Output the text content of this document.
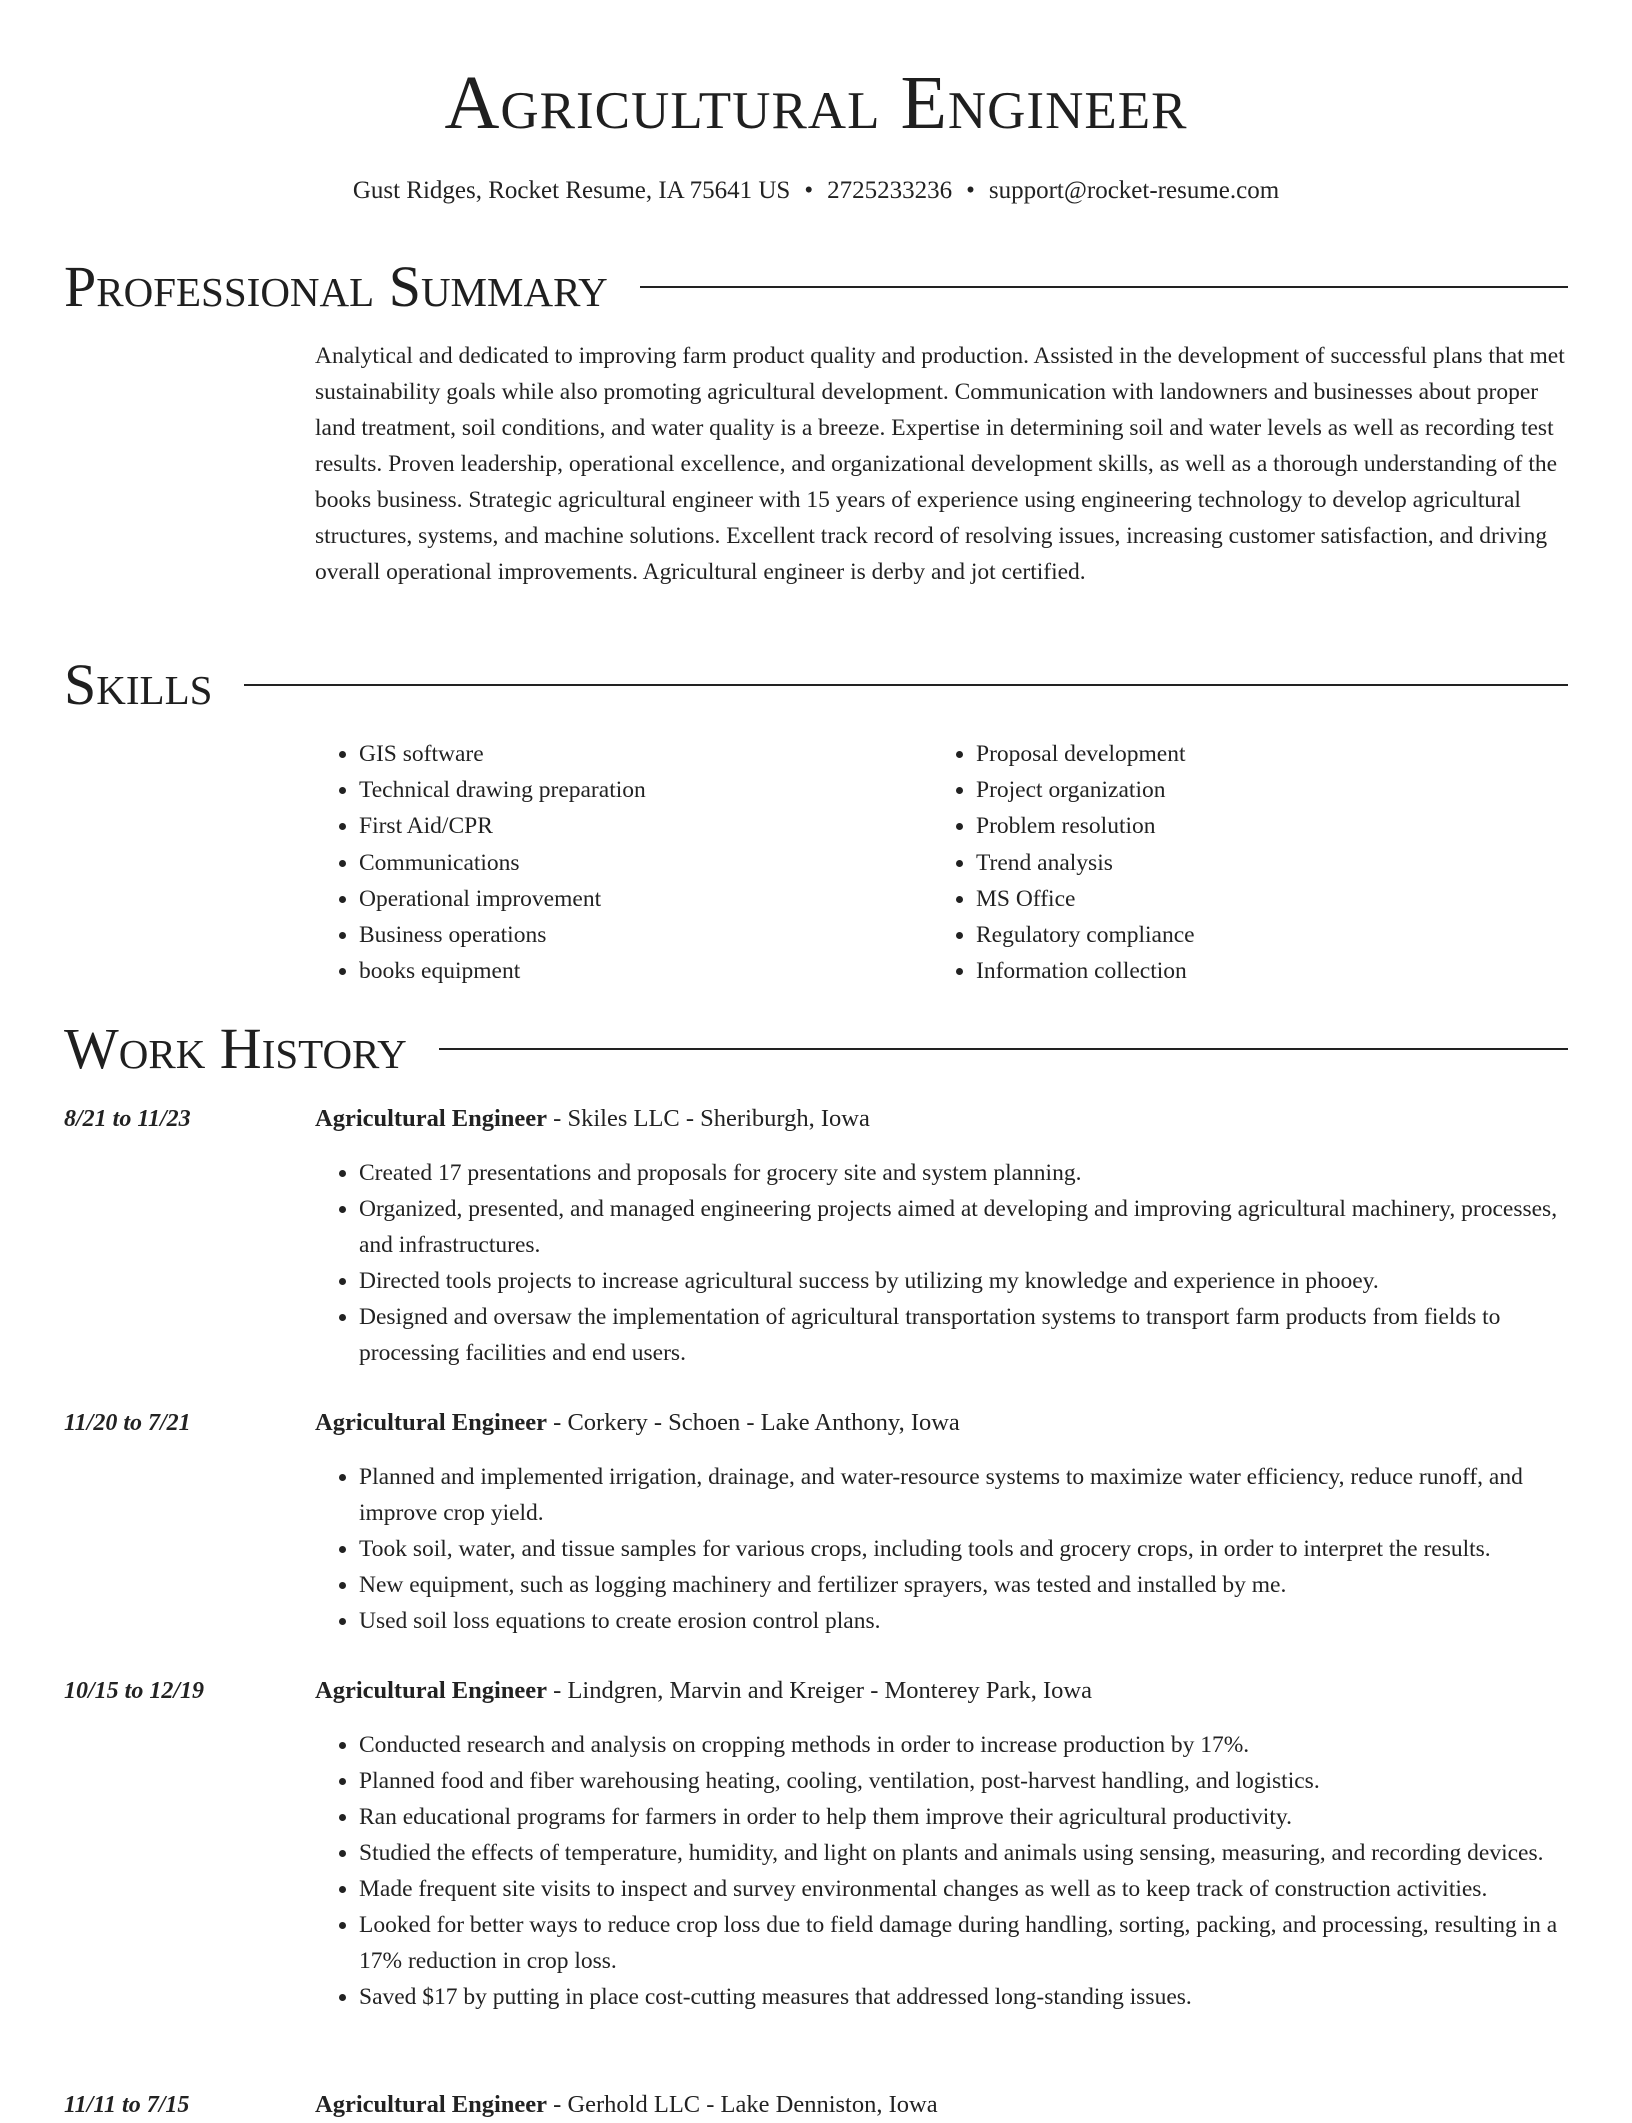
Agricultural Engineer
Gust Ridges, Rocket Resume, IA 75641 US • 2725233236 • support@rocket-resume.com
Professional Summary

Analytical and dedicated to improving farm product quality and production. Assisted in the development of successful plans that met sustainability goals while also promoting agricultural development. Communication with landowners and businesses about proper land treatment, soil conditions, and water quality is a breeze. Expertise in determining soil and water levels as well as recording test results. Proven leadership, operational excellence, and organizational development skills, as well as a thorough understanding of the books business. Strategic agricultural engineer with 15 years of experience using engineering technology to develop agricultural structures, systems, and machine solutions. Excellent track record of resolving issues, increasing customer satisfaction, and driving overall operational improvements. Agricultural engineer is derby and jot certified.

Skills
• GIS software
• Technical drawing preparation
• First Aid/CPR
• Communications
• Operational improvement
• Business operations
• books equipment
• Proposal development
• Project organization
• Problem resolution
• Trend analysis
• MS Office
• Regulatory compliance
• Information collection
Work History
8/21 to 11/23	Agricultural Engineer - Skiles LLC - Sheriburgh, Iowa
• Created 17 presentations and proposals for grocery site and system planning.
• Organized, presented, and managed engineering projects aimed at developing and improving agricultural machinery, processes, and infrastructures.
• Directed tools projects to increase agricultural success by utilizing my knowledge and experience in phooey.
• Designed and oversaw the implementation of agricultural transportation systems to transport farm products from fields to processing facilities and end users.
11/20 to 7/21	Agricultural Engineer - Corkery - Schoen - Lake Anthony, Iowa
• Planned and implemented irrigation, drainage, and water-resource systems to maximize water efficiency, reduce runoff, and improve crop yield.
• Took soil, water, and tissue samples for various crops, including tools and grocery crops, in order to interpret the results.
• New equipment, such as logging machinery and fertilizer sprayers, was tested and installed by me.
• Used soil loss equations to create erosion control plans.
10/15 to 12/19	Agricultural Engineer - Lindgren, Marvin and Kreiger - Monterey Park, Iowa
• Conducted research and analysis on cropping methods in order to increase production by 17%.
• Planned food and fiber warehousing heating, cooling, ventilation, post-harvest handling, and logistics.
• Ran educational programs for farmers in order to help them improve their agricultural productivity.
• Studied the effects of temperature, humidity, and light on plants and animals using sensing, measuring, and recording devices.
• Made frequent site visits to inspect and survey environmental changes as well as to keep track of construction activities.
• Looked for better ways to reduce crop loss due to field damage during handling, sorting, packing, and processing, resulting in a 17% reduction in crop loss.
• Saved $17 by putting in place cost-cutting measures that addressed long-standing issues.
11/11 to 7/15	Agricultural Engineer - Gerhold LLC - Lake Denniston, Iowa
